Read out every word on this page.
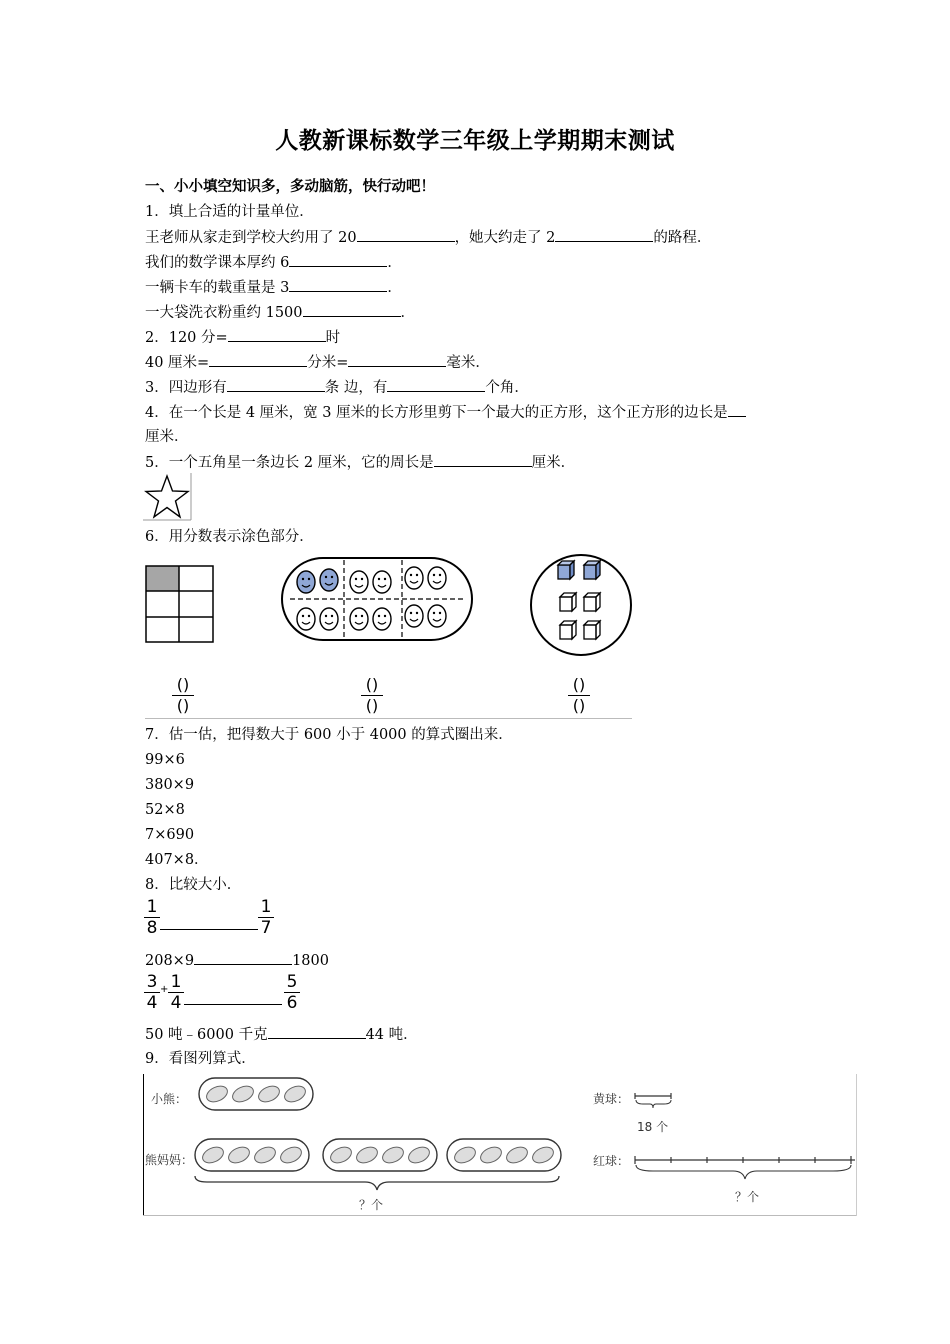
人教新课标数学三年级上学期期末测试
一、小小填空知识多，多动脑筋，快行动吧！
1．填上合适的计量单位．
王老师从家走到学校大约用了 20	，她大约走了 2	的路程．
我们的数学课本厚约 6	．
一辆卡车的载重量是 3	．
一大袋洗衣粉重约 1500	．
2．120 分=	时
40 厘米=	分米=	毫米．
3．四边形有	条 边，有	个角．
4．在一个长是 4 厘米，宽 3 厘米的长方形里剪下一个最大的正方形，这个正方形的边长是
厘米．
5．一个五角星一条边长 2 厘米，它的周长是	厘米．
6．用分数表示涂色部分．
()
()
()
()
()
()
7．估一估，把得数大于 600 小于 4000 的算式圈出来．
99×6
380×9
52×8
7×690
407×8．
8．比较大小．
1
8
1
7
208×9	1800
3
4
+ 1
4
5
6
50 吨﹣6000 千克	44 吨．
9．看图列算式．
小熊：
熊妈妈：
？个
黄球：
18 个
红球：
？个
